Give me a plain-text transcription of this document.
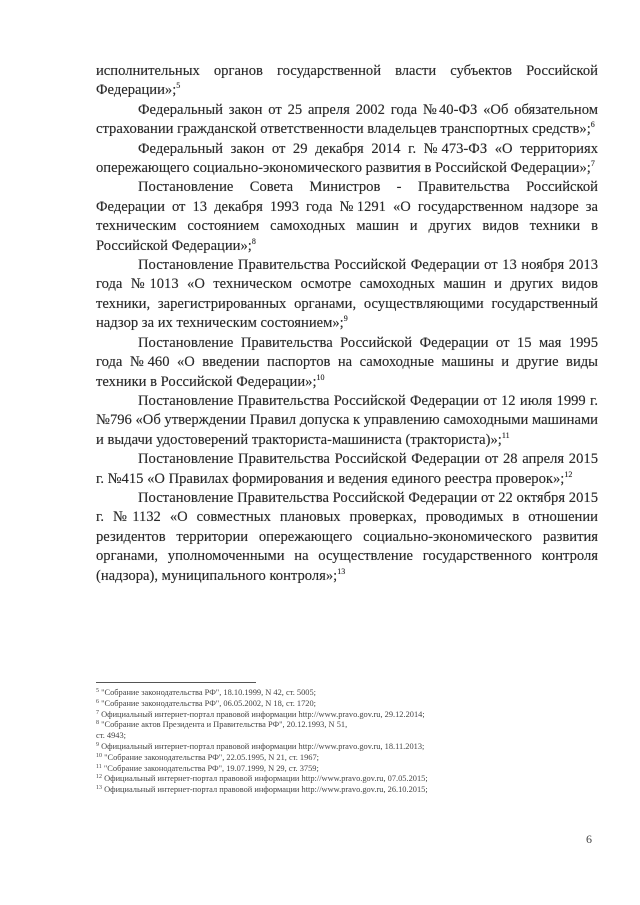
исполнительных органов государственной власти субъектов Российской Федерации»;$^5$

Федеральный закон от 25 апреля 2002 года №40-ФЗ «Об обязательном страховании гражданской ответственности владельцев транспортных средств»;$^6$

Федеральный закон от 29 декабря 2014 г. №473-ФЗ «О территориях опережающего социально-экономического развития в Российской Федерации»;$^7$

Постановление Совета Министров - Правительства Российской Федерации от 13 декабря 1993 года №1291 «О государственном надзоре за техническим состоянием самоходных машин и других видов техники в Российской Федерации»;$^8$

Постановление Правительства Российской Федерации от 13 ноября 2013 года №1013 «О техническом осмотре самоходных машин и других видов техники, зарегистрированных органами, осуществляющими государственный надзор за их техническим состоянием»;$^9$

Постановление Правительства Российской Федерации от 15 мая 1995 года №460 «О введении паспортов на самоходные машины и другие виды техники в Российской Федерации»;$^{10}$

Постановление Правительства Российской Федерации от 12 июля 1999 г. №796 «Об утверждении Правил допуска к управлению самоходными машинами и выдачи удостоверений тракториста-машиниста (тракториста)»;$^{11}$

Постановление Правительства Российской Федерации от 28 апреля 2015 г. №415 «О Правилах формирования и ведения единого реестра проверок»;$^{12}$

Постановление Правительства Российской Федерации от 22 октября 2015 г. №1132 «О совместных плановых проверках, проводимых в отношении резидентов территории опережающего социально-экономического развития органами, уполномоченными на осуществление государственного контроля (надзора), муниципального контроля»;$^{13}$

$^5$ "Собрание законодательства РФ", 18.10.1999, N 42, ст. 5005;

$^6$ "Собрание законодательства РФ", 06.05.2002, N 18, ст. 1720;

$^7$ Официальный интернет-портал правовой информации http://www.pravo.gov.ru, 29.12.2014;

$^8$ "Собрание актов Президента и Правительства РФ", 20.12.1993, N 51,

ст. 4943;

$^9$ Официальный интернет-портал правовой информации http://www.pravo.gov.ru, 18.11.2013;

$^{10}$ "Собрание законодательства РФ", 22.05.1995, N 21, ст. 1967;

$^{11}$ "Собрание законодательства РФ", 19.07.1999, N 29, ст. 3759;

$^{12}$ Официальный интернет-портал правовой информации http://www.pravo.gov.ru, 07.05.2015;

$^{13}$ Официальный интернет-портал правовой информации http://www.pravo.gov.ru, 26.10.2015;

6
